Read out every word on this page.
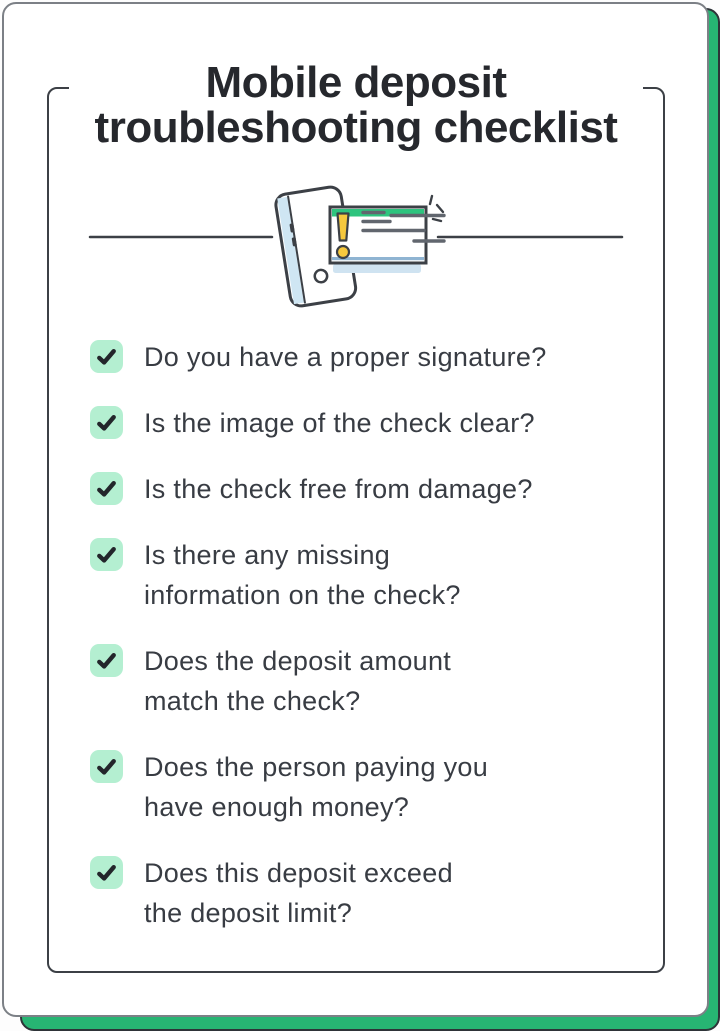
Mobile deposit
troubleshooting checklist
Do you have a proper signature?
Is the image of the check clear?
Is the check free from damage?
Is there any missing
information on the check?
Does the deposit amount
match the check?
Does the person paying you
have enough money?
Does this deposit exceed
the deposit limit?
